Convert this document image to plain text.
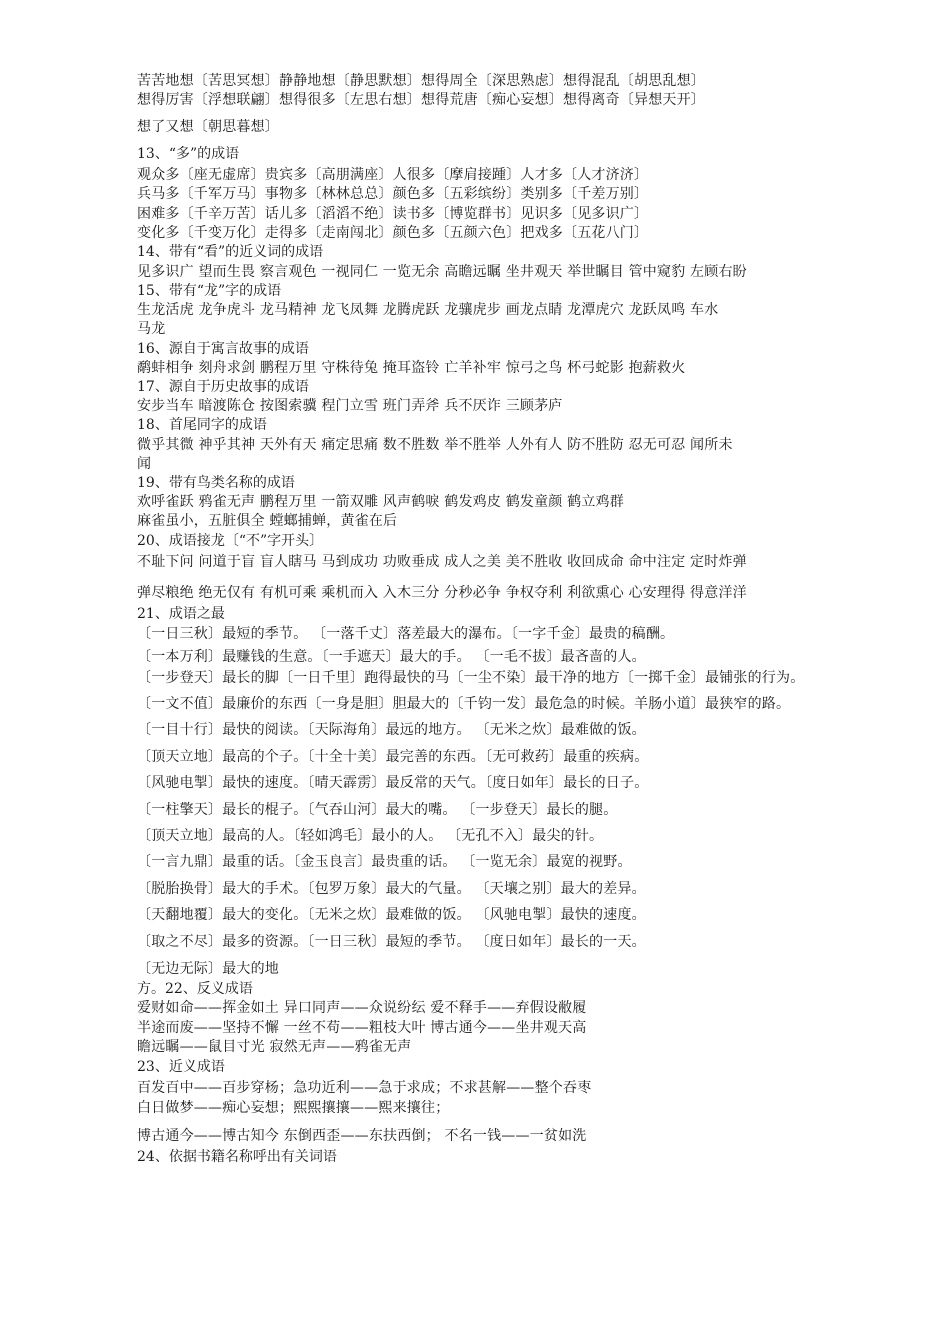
苦苦地想〔苦思冥想〕静静地想〔静思默想〕想得周全〔深思熟虑〕想得混乱〔胡思乱想〕
想得厉害〔浮想联翩〕想得很多〔左思右想〕想得荒唐〔痴心妄想〕想得离奇〔异想天开〕
想了又想〔朝思暮想〕
13、“多”的成语
观众多〔座无虚席〕贵宾多〔高朋满座〕人很多〔摩肩接踵〕人才多〔人才济济〕
兵马多〔千军万马〕事物多〔林林总总〕颜色多〔五彩缤纷〕类别多〔千差万别〕
困难多〔千辛万苦〕话儿多〔滔滔不绝〕读书多〔博览群书〕见识多〔见多识广〕
变化多〔千变万化〕走得多〔走南闯北〕颜色多〔五颜六色〕把戏多〔五花八门〕
14、带有“看”的近义词的成语
见多识广 望而生畏 察言观色 一视同仁 一览无余 高瞻远瞩 坐井观天 举世瞩目 管中窥豹 左顾右盼
15、带有“龙”字的成语
生龙活虎 龙争虎斗 龙马精神 龙飞凤舞 龙腾虎跃 龙骧虎步 画龙点睛 龙潭虎穴 龙跃凤鸣 车水
马龙
16、源自于寓言故事的成语
鹬蚌相争 刻舟求剑 鹏程万里 守株待兔 掩耳盗铃 亡羊补牢 惊弓之鸟 杯弓蛇影 抱薪救火
17、源自于历史故事的成语
安步当车 暗渡陈仓 按图索骥 程门立雪 班门弄斧 兵不厌诈 三顾茅庐
18、首尾同字的成语
微乎其微 神乎其神 天外有天 痛定思痛 数不胜数 举不胜举 人外有人 防不胜防 忍无可忍 闻所未
闻
19、带有鸟类名称的成语
欢呼雀跃 鸦雀无声 鹏程万里 一箭双雕 风声鹤唳 鹤发鸡皮 鹤发童颜 鹤立鸡群
麻雀虽小，五脏俱全 螳螂捕蝉，黄雀在后
20、成语接龙〔“不”字开头〕
不耻下问 问道于盲 盲人瞎马 马到成功 功败垂成 成人之美 美不胜收 收回成命 命中注定 定时炸弹
弹尽粮绝 绝无仅有 有机可乘 乘机而入 入木三分 分秒必争 争权夺利 利欲熏心 心安理得 得意洋洋
21、成语之最
〔一日三秋〕最短的季节。 〔一落千丈〕落差最大的瀑布。〔一字千金〕最贵的稿酬。
〔一本万利〕最赚钱的生意。〔一手遮天〕最大的手。 〔一毛不拔〕最吝啬的人。
〔一步登天〕最长的脚〔一日千里〕跑得最快的马〔一尘不染〕最干净的地方〔一掷千金〕最铺张的行为。
〔一文不值〕最廉价的东西〔一身是胆〕胆最大的〔千钧一发〕最危急的时候。羊肠小道〕最狭窄的路。
〔一目十行〕最快的阅读。〔天际海角〕最远的地方。 〔无米之炊〕最难做的饭。
〔顶天立地〕最高的个子。〔十全十美〕最完善的东西。〔无可救药〕最重的疾病。
〔风驰电掣〕最快的速度。〔晴天霹雳〕最反常的天气。〔度日如年〕最长的日子。
〔一柱擎天〕最长的棍子。〔气吞山河〕最大的嘴。 〔一步登天〕最长的腿。
〔顶天立地〕最高的人。〔轻如鸿毛〕最小的人。 〔无孔不入〕最尖的针。
〔一言九鼎〕最重的话。〔金玉良言〕最贵重的话。 〔一览无余〕最宽的视野。
〔脱胎换骨〕最大的手术。〔包罗万象〕最大的气量。 〔天壤之别〕最大的差异。
〔天翻地覆〕最大的变化。〔无米之炊〕最难做的饭。 〔风驰电掣〕最快的速度。
〔取之不尽〕最多的资源。〔一日三秋〕最短的季节。 〔度日如年〕最长的一天。
〔无边无际〕最大的地
方。22、反义成语
爱财如命——挥金如土 异口同声——众说纷纭 爱不释手——弃假设敝履
半途而废——坚持不懈 一丝不苟——粗枝大叶 博古通今——坐井观天高
瞻远瞩——鼠目寸光 寂然无声——鸦雀无声
23、近义成语
百发百中——百步穿杨；急功近利——急于求成；不求甚解——整个吞枣
白日做梦——痴心妄想；熙熙攘攘——熙来攘往；
博古通今——博古知今 东倒西歪——东扶西倒； 不名一钱——一贫如洗
24、依据书籍名称呼出有关词语
